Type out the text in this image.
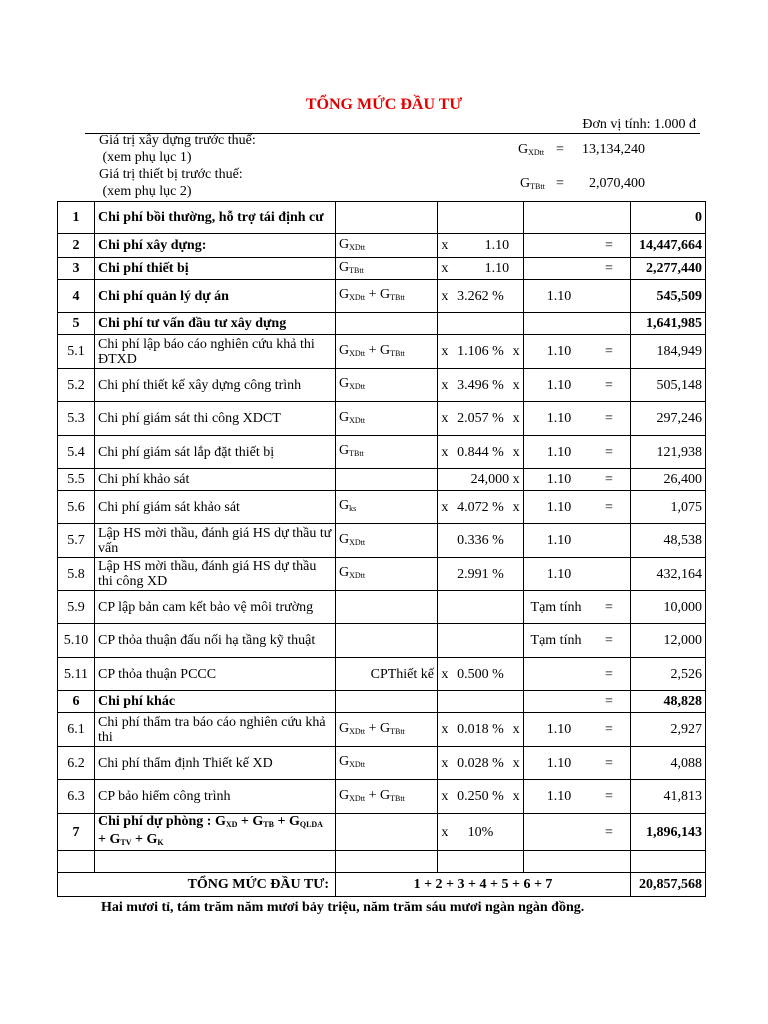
TỔNG MỨC ĐẦU TƯ
Đơn vị tính: 1.000 đ
Giá trị xây dựng trước thuế:
(xem phụ lục 1)
$G_{XDtt} = 13,134,240$
Giá trị thiết bị trước thuế:
(xem phụ lục 2)
$G_{TBtt} = 2,070,400$
1	Chi phí bồi thường, hỗ trợ tái định cư				0	
2	Chi phí xây dựng:	$G_{XDtt}$	x 1.10	=	14,447,664	
3	Chi phí thiết bị	$G_{TBtt}$	x 1.10	=	2,277,440	
4	Chi phí quản lý dự án	$G_{XDtt} + G_{TBtt}$	x 3.262 %	1.10	545,509	
5	Chi phí tư vấn đầu tư xây dựng				1,641,985	
5.1	Chi phí lập báo cáo nghiên cứu khả thi ĐTXD	$G_{XDtt} + G_{TBtt}$	x 1.106 % x	1.10 =	184,949	
5.2	Chi phí thiết kế xây dựng công trình	$G_{XDtt}$	x 3.496 % x	1.10 =	505,148	
5.3	Chi phí giám sát thi công XDCT	$G_{XDtt}$	x 2.057 % x	1.10 =	297,246	
5.4	Chi phí giám sát lắp đặt thiết bị	$G_{TBtt}$	x 0.844 % x	1.10 =	121,938	
5.5	Chi phí khảo sát		24,000 x	1.10 =	26,400	
5.6	Chi phí giám sát khảo sát	$G_{ks}$	x 4.072 % x	1.10 =	1,075	
5.7	Lập HS mời thầu, đánh giá HS dự thầu tư vấn	$G_{XDtt}$	0.336 %	1.10	48,538	
5.8	Lập HS mời thầu, đánh giá HS dự thầu thi công XD	$G_{XDtt}$	2.991 %	1.10	432,164	
5.9	CP lập bản cam kết bảo vệ môi trường			Tạm tính =	10,000	
5.10	CP thỏa thuận đấu nối hạ tầng kỹ thuật			Tạm tính =	12,000	
5.11	CP thỏa thuận PCCC	CPThiết kế	x 0.500 %	=	2,526	
6	Chi phí khác			=	48,828	
6.1	Chi phí thẩm tra báo cáo nghiên cứu khả thi	$G_{XDtt} + G_{TBtt}$	x 0.018 % x	1.10 =	2,927	
6.2	Chi phí thẩm định Thiết kế XD	$G_{XDtt}$	x 0.028 % x	1.10 =	4,088	
6.3	CP bảo hiểm công trình	$G_{XDtt} + G_{TBtt}$	x 0.250 % x	1.10 =	41,813	
7	Chi phí dự phòng : $G_{XD} + G_{TB} + G_{QLDA} + G_{TV} + G_K$		x 10%	=	1,896,143	

TỔNG MỨC ĐẦU TƯ:		1 + 2 + 3 + 4 + 5 + 6 + 7			20,857,568	
Hai mươi tỉ, tám trăm năm mươi bảy triệu, năm trăm sáu mươi ngàn ngàn đồng.
